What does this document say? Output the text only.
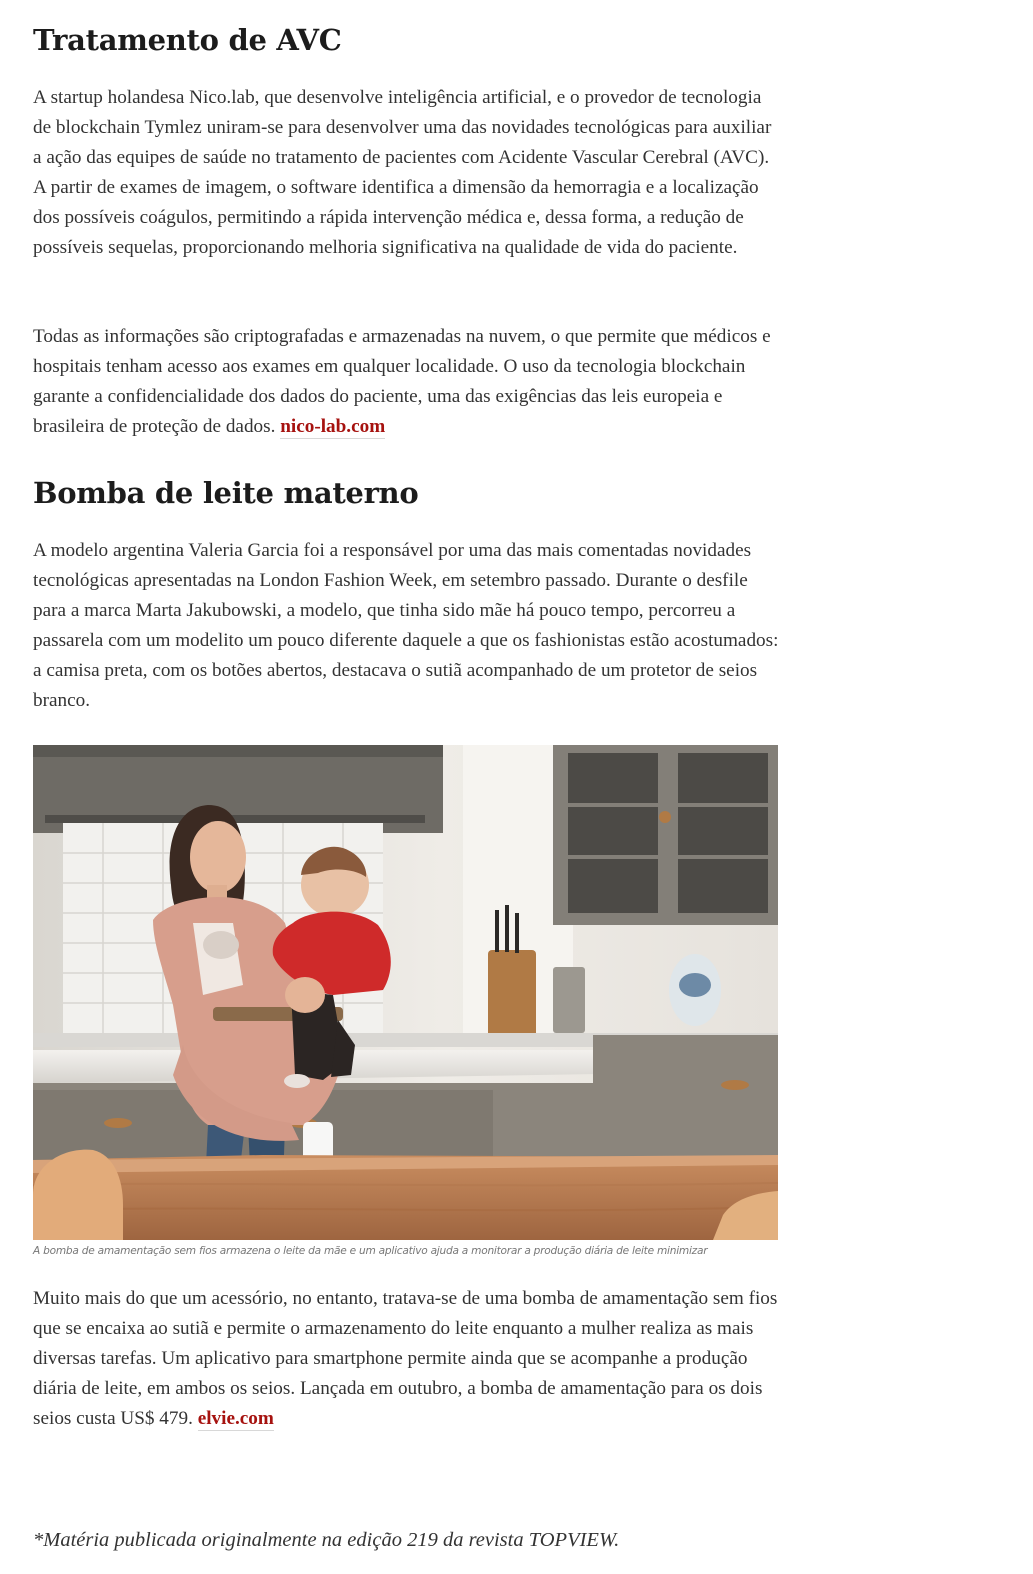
Tratamento de AVC

A startup holandesa Nico.lab, que desenvolve inteligência artificial, e o provedor de tecnologia de blockchain Tymlez uniram-se para desenvolver uma das novidades tecnológicas para auxiliar a ação das equipes de saúde no tratamento de pacientes com Acidente Vascular Cerebral (AVC). A partir de exames de imagem, o software identifica a dimensão da hemorragia e a localização dos possíveis coágulos, permitindo a rápida intervenção médica e, dessa forma, a redução de possíveis sequelas, proporcionando melhoria significativa na qualidade de vida do paciente.

Todas as informações são criptografadas e armazenadas na nuvem, o que permite que médicos e hospitais tenham acesso aos exames em qualquer localidade. O uso da tecnologia blockchain garante a confidencialidade dos dados do paciente, uma das exigências das leis europeia e brasileira de proteção de dados. nico-lab.com

Bomba de leite materno

A modelo argentina Valeria Garcia foi a responsável por uma das mais comentadas novidades tecnológicas apresentadas na London Fashion Week, em setembro passado. Durante o desfile para a marca Marta Jakubowski, a modelo, que tinha sido mãe há pouco tempo, percorreu a passarela com um modelito um pouco diferente daquele a que os fashionistas estão acostumados: a camisa preta, com os botões abertos, destacava o sutiã acompanhado de um protetor de seios branco.

A bomba de amamentação sem fios armazena o leite da mãe e um aplicativo ajuda a monitorar a produção diária de leite minimizar

Muito mais do que um acessório, no entanto, tratava-se de uma bomba de amamentação sem fios que se encaixa ao sutiã e permite o armazenamento do leite enquanto a mulher realiza as mais diversas tarefas. Um aplicativo para smartphone permite ainda que se acompanhe a produção diária de leite, em ambos os seios. Lançada em outubro, a bomba de amamentação para os dois seios custa US$ 479. elvie.com

*Matéria publicada originalmente na edição 219 da revista TOPVIEW.
